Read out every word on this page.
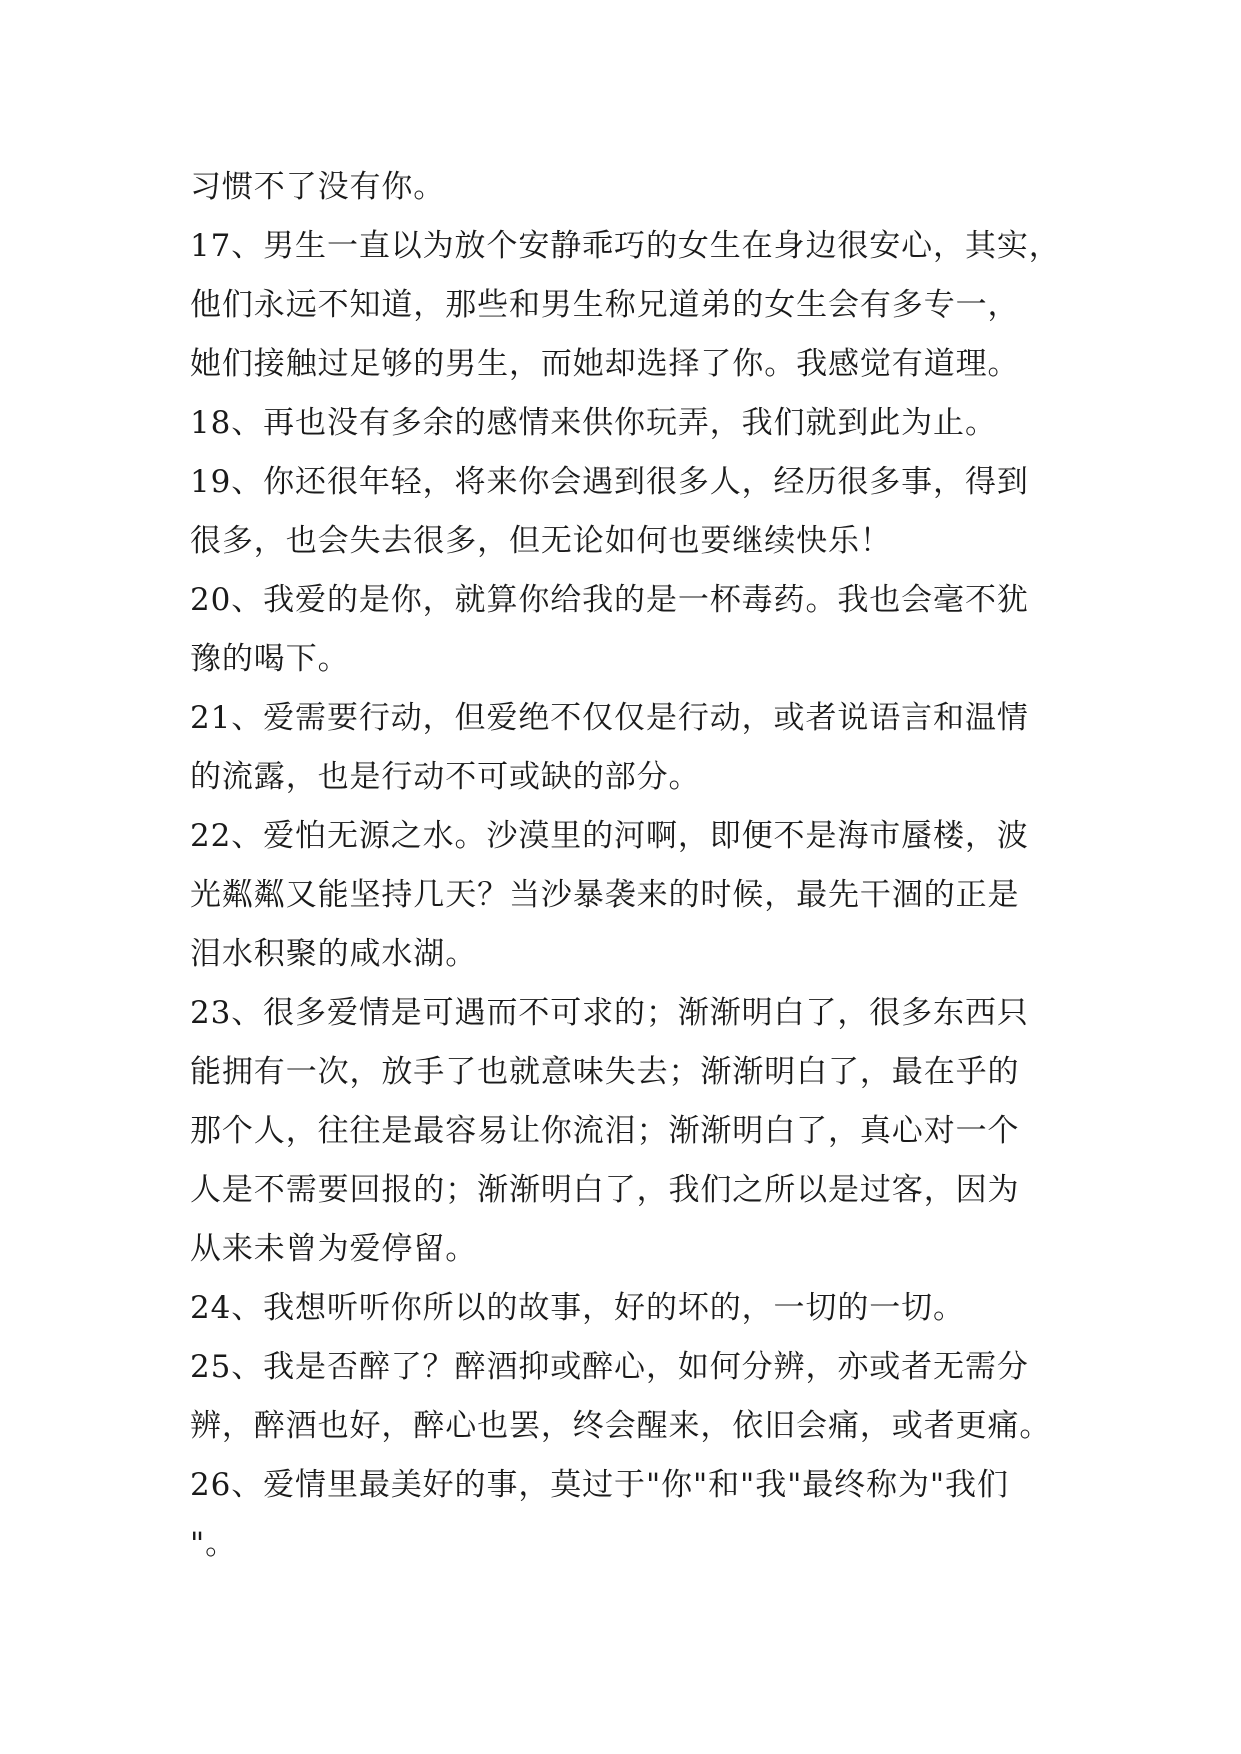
习惯不了没有你。
17、男生一直以为放个安静乖巧的女生在身边很安心，其实，
他们永远不知道，那些和男生称兄道弟的女生会有多专一，
她们接触过足够的男生，而她却选择了你。我感觉有道理。
18、再也没有多余的感情来供你玩弄，我们就到此为止。
19、你还很年轻，将来你会遇到很多人，经历很多事，得到
很多，也会失去很多，但无论如何也要继续快乐！
20、我爱的是你，就算你给我的是一杯毒药。我也会毫不犹
豫的喝下。
21、爱需要行动，但爱绝不仅仅是行动，或者说语言和温情
的流露，也是行动不可或缺的部分。
22、爱怕无源之水。沙漠里的河啊，即便不是海市蜃楼，波
光粼粼又能坚持几天？当沙暴袭来的时候，最先干涸的正是
泪水积聚的咸水湖。
23、很多爱情是可遇而不可求的；渐渐明白了，很多东西只
能拥有一次，放手了也就意味失去；渐渐明白了，最在乎的
那个人，往往是最容易让你流泪；渐渐明白了，真心对一个
人是不需要回报的；渐渐明白了，我们之所以是过客，因为
从来未曾为爱停留。
24、我想听听你所以的故事，好的坏的，一切的一切。
25、我是否醉了？醉酒抑或醉心，如何分辨，亦或者无需分
辨，醉酒也好，醉心也罢，终会醒来，依旧会痛，或者更痛。
26、爱情里最美好的事，莫过于"你"和"我"最终称为"我们
"。
